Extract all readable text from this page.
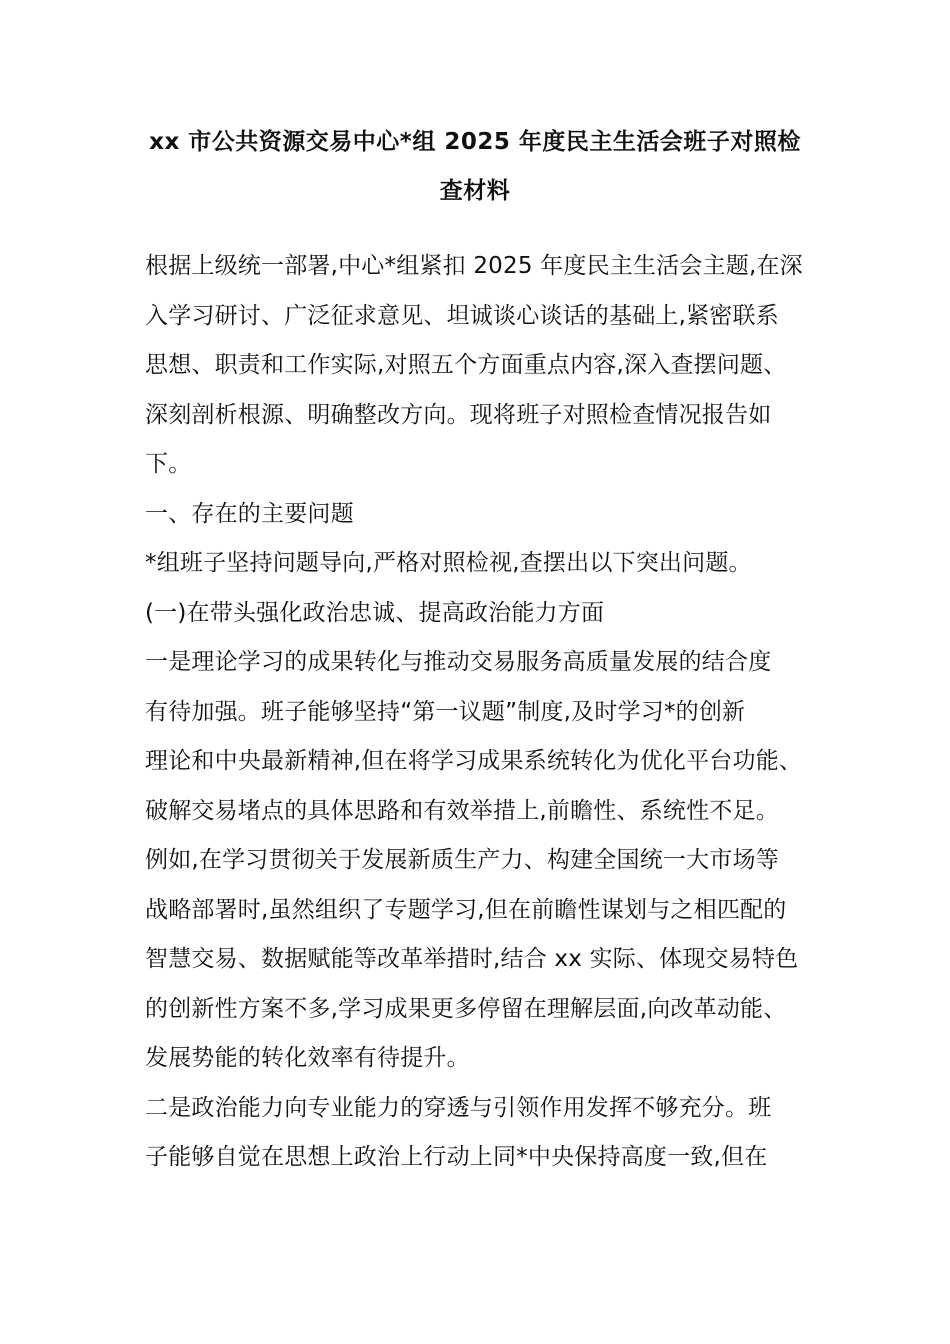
xx 市公共资源交易中心*组 2025 年度民主生活会班子对照检
查材料
根据上级统一部署,中心*组紧扣 2025 年度民主生活会主题,在深
入学习研讨、广泛征求意见、坦诚谈心谈话的基础上,紧密联系
思想、职责和工作实际,对照五个方面重点内容,深入查摆问题、
深刻剖析根源、明确整改方向。现将班子对照检查情况报告如
下。
一、存在的主要问题
*组班子坚持问题导向,严格对照检视,查摆出以下突出问题。
(一)在带头强化政治忠诚、提高政治能力方面
一是理论学习的成果转化与推动交易服务高质量发展的结合度
有待加强。班子能够坚持“第一议题”制度,及时学习*的创新
理论和中央最新精神,但在将学习成果系统转化为优化平台功能、
破解交易堵点的具体思路和有效举措上,前瞻性、系统性不足。
例如,在学习贯彻关于发展新质生产力、构建全国统一大市场等
战略部署时,虽然组织了专题学习,但在前瞻性谋划与之相匹配的
智慧交易、数据赋能等改革举措时,结合 xx 实际、体现交易特色
的创新性方案不多,学习成果更多停留在理解层面,向改革动能、
发展势能的转化效率有待提升。
二是政治能力向专业能力的穿透与引领作用发挥不够充分。班
子能够自觉在思想上政治上行动上同*中央保持高度一致,但在
